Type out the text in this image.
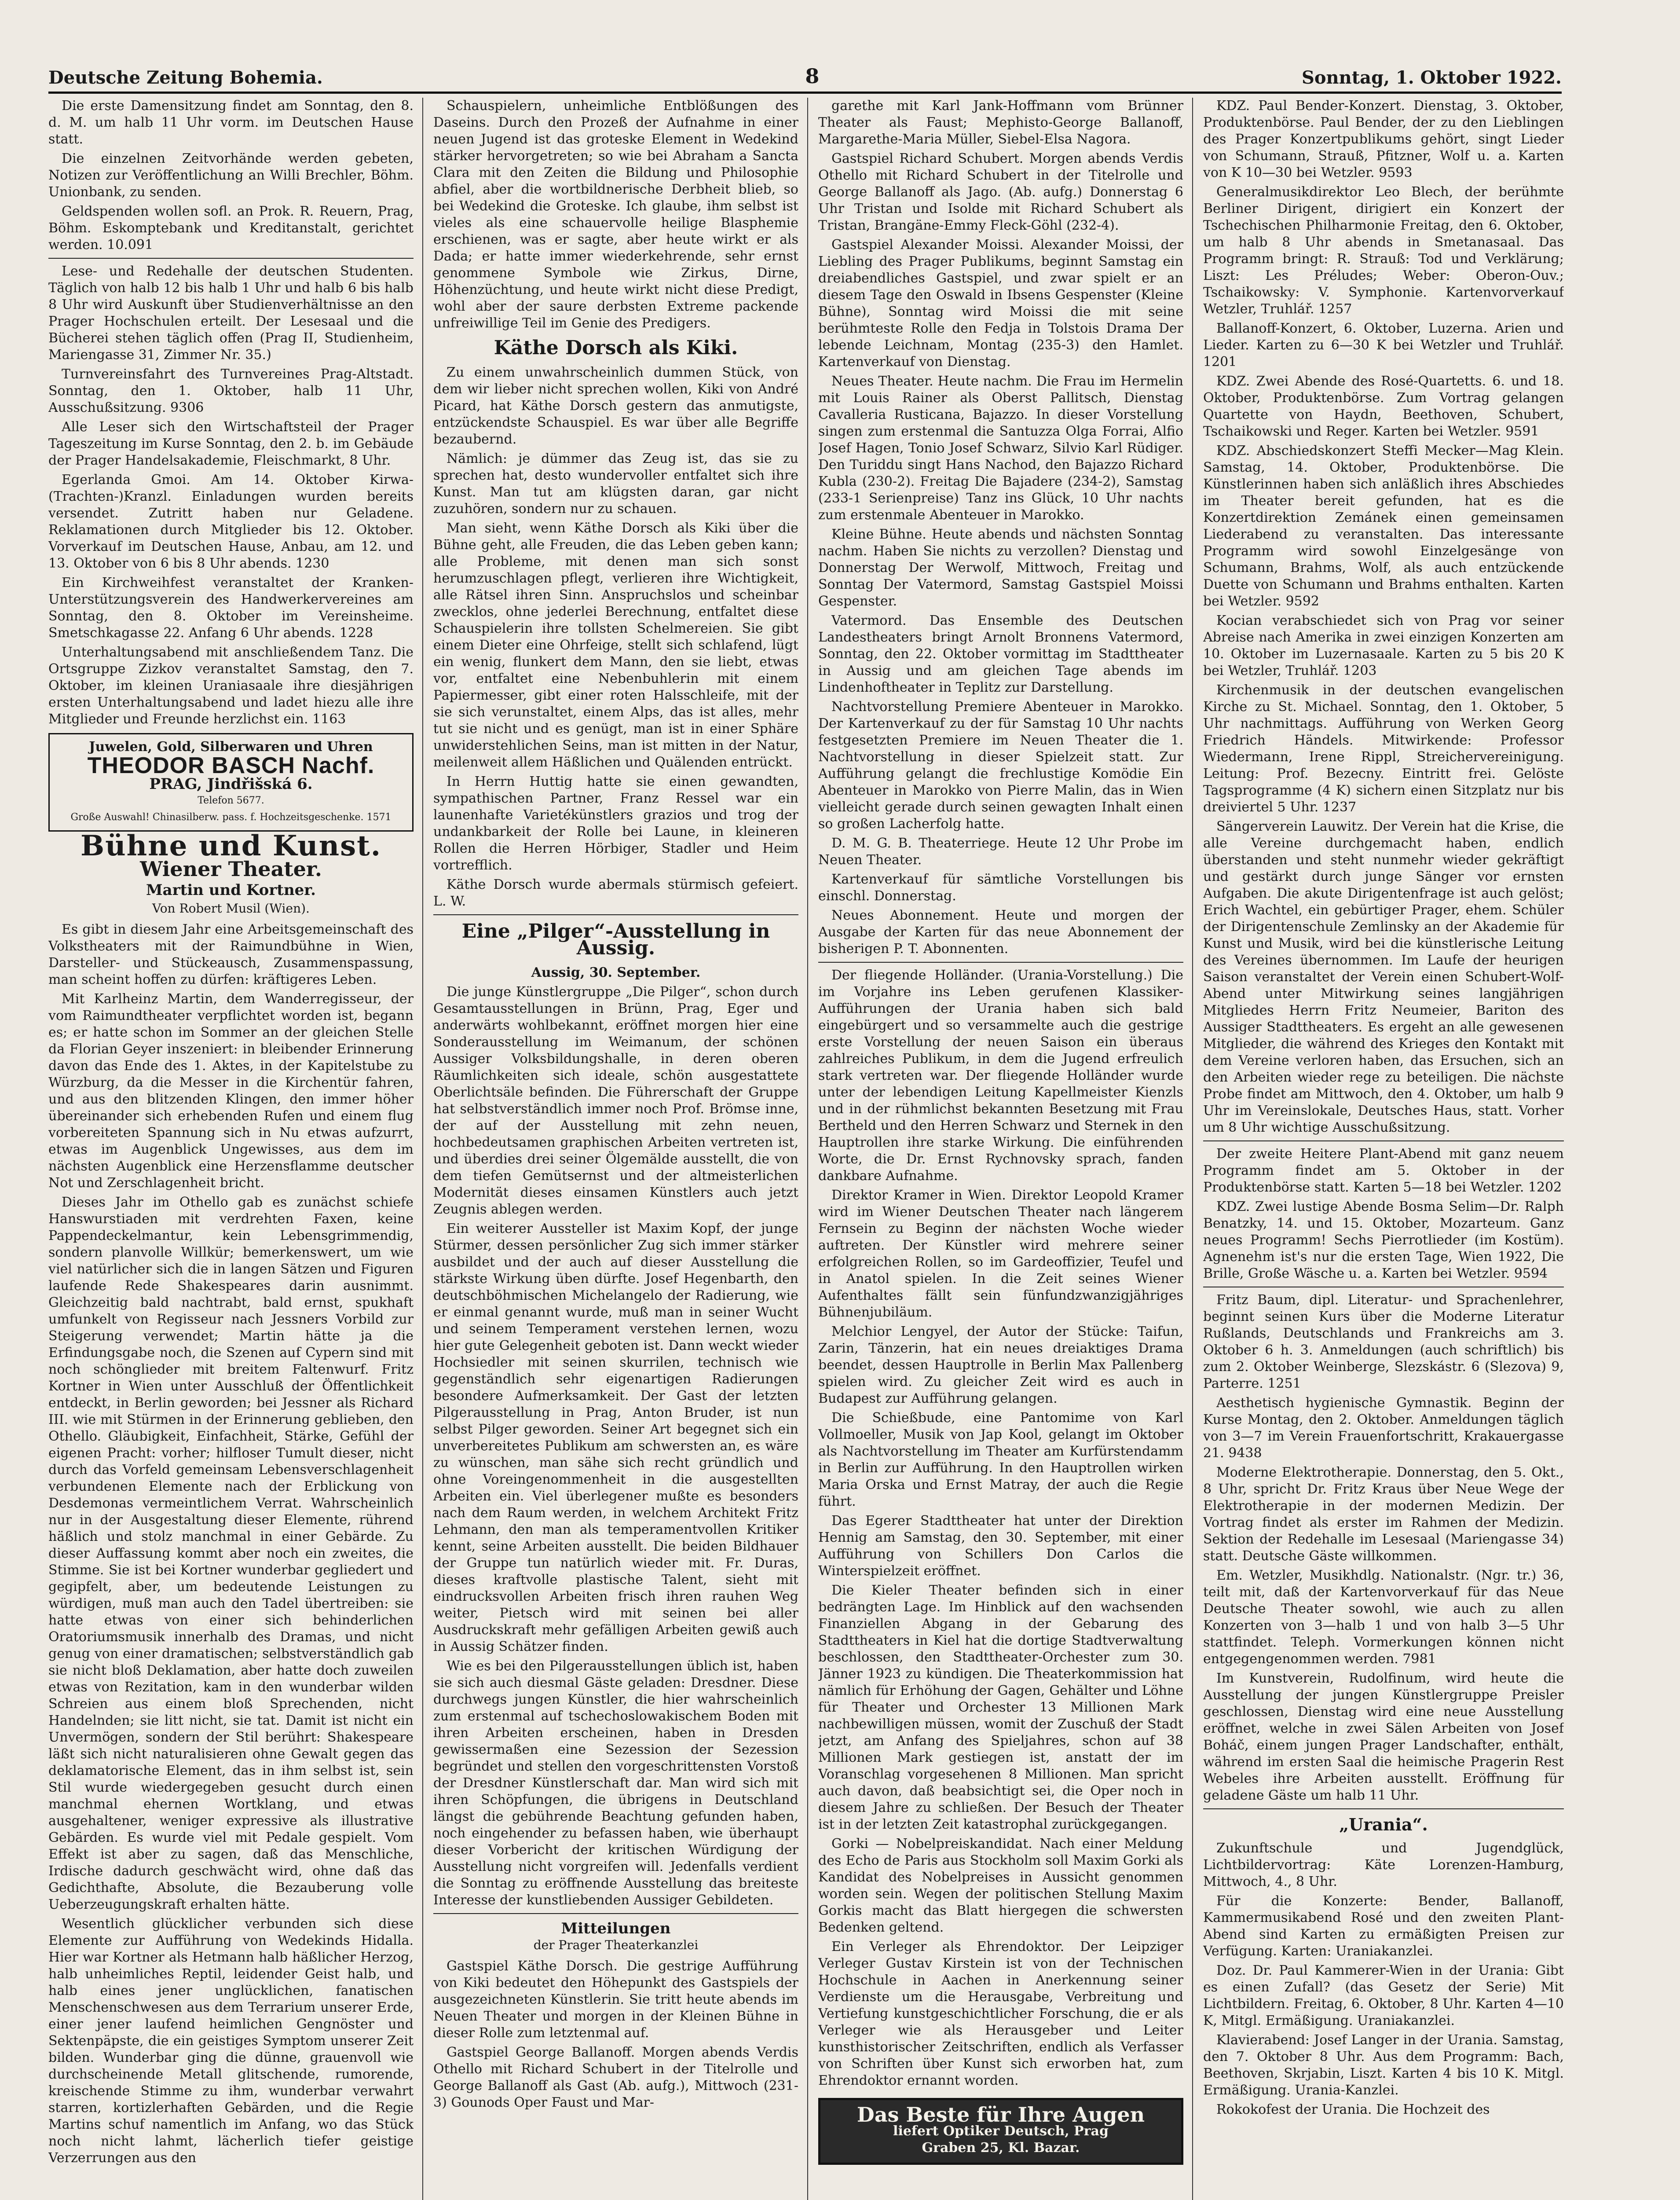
Deutsche Zeitung Bohemia.	8	Sonntag, 1. Oktober 1922.

Die erste Damensitzung findet am Sonntag, den 8. d. M. um halb 11 Uhr vorm. im Deutschen Hause statt.

Die einzelnen Zeitvorhände werden gebeten, Notizen zur Veröffentlichung an Willi Brechler, Böhm. Unionbank, zu senden.

Geldspenden wollen sofl. an Prok. R. Reuern, Prag, Böhm. Eskomptebank und Kreditanstalt, gerichtet werden. 10.091

Lese- und Redehalle der deutschen Studenten. Täglich von halb 12 bis halb 1 Uhr und halb 6 bis halb 8 Uhr wird Auskunft über Studienverhältnisse an den Prager Hochschulen erteilt. Der Lesesaal und die Bücherei stehen täglich offen (Prag II, Studienheim, Mariengasse 31, Zimmer Nr. 35.)

Turnvereinsfahrt des Turnvereines Prag-Altstadt. Sonntag, den 1. Oktober, halb 11 Uhr, Ausschußsitzung. 9306

Alle Leser sich den Wirtschaftsteil der Prager Tageszeitung im Kurse Sonntag, den 2. b. im Gebäude der Prager Handelsakademie, Fleischmarkt, 8 Uhr.

Egerlanda Gmoi. Am 14. Oktober Kirwa-(Trachten-)Kranzl. Einladungen wurden bereits versendet. Zutritt haben nur Geladene. Reklamationen durch Mitglieder bis 12. Oktober. Vorverkauf im Deutschen Hause, Anbau, am 12. und 13. Oktober von 6 bis 8 Uhr abends. 1230

Ein Kirchweihfest veranstaltet der Kranken-Unterstützungsverein des Handwerkervereines am Sonntag, den 8. Oktober im Vereinsheime. Smetschkagasse 22. Anfang 6 Uhr abends. 1228

Unterhaltungsabend mit anschließendem Tanz. Die Ortsgruppe Zizkov veranstaltet Samstag, den 7. Oktober, im kleinen Uraniasaale ihre diesjährigen ersten Unterhaltungsabend und ladet hiezu alle ihre Mitglieder und Freunde herzlichst ein. 1163

Juwelen, Gold, Silberwaren und Uhren
THEODOR BASCH Nachf.
PRAG, Jindřišská 6.
Telefon 5677.
Große Auswahl! Chinasilberw. pass. f. Hochzeitsgeschenke. 1571
Bühne und Kunst.
Wiener Theater.
Martin und Kortner.
Von Robert Musil (Wien).

Es gibt in diesem Jahr eine Arbeitsgemeinschaft des Volkstheaters mit der Raimundbühne in Wien, Darsteller- und Stückeausch, Zusammenspassung, man scheint hoffen zu dürfen: kräftigeres Leben.

Mit Karlheinz Martin, dem Wanderregisseur, der vom Raimundtheater verpflichtet worden ist, begann es; er hatte schon im Sommer an der gleichen Stelle da Florian Geyer inszeniert: in bleibender Erinnerung davon das Ende des 1. Aktes, in der Kapitelstube zu Würzburg, da die Messer in die Kirchentür fahren, und aus den blitzenden Klingen, den immer höher übereinander sich erhebenden Rufen und einem flug vorbereiteten Spannung sich in Nu etwas aufzurrt, etwas im Augenblick Ungewisses, aus dem im nächsten Augenblick eine Herzensflamme deutscher Not und Zerschlagenheit bricht.

Dieses Jahr im Othello gab es zunächst schiefe Hanswurstiaden mit verdrehten Faxen, keine Pappendeckelmantur, kein Lebensgrimmendig, sondern planvolle Willkür; bemerkenswert, um wie viel natürlicher sich die in langen Sätzen und Figuren laufende Rede Shakespeares darin ausnimmt. Gleichzeitig bald nachtrabt, bald ernst, spukhaft umfunkelt von Regisseur nach Jessners Vorbild zur Steigerung verwendet; Martin hätte ja die Erfindungsgabe noch, die Szenen auf Cypern sind mit noch schönglieder mit breitem Faltenwurf. Fritz Kortner in Wien unter Ausschluß der Öffentlichkeit entdeckt, in Berlin geworden; bei Jessner als Richard III. wie mit Stürmen in der Erinnerung geblieben, den Othello. Gläubigkeit, Einfachheit, Stärke, Gefühl der eigenen Pracht: vorher; hilfloser Tumult dieser, nicht durch das Vorfeld gemeinsam Lebensverschlagenheit verbundenen Elemente nach der Erblickung von Desdemonas vermeintlichem Verrat. Wahrscheinlich nur in der Ausgestaltung dieser Elemente, rührend häßlich und stolz manchmal in einer Gebärde. Zu dieser Auffassung kommt aber noch ein zweites, die Stimme. Sie ist bei Kortner wunderbar gegliedert und gegipfelt, aber, um bedeutende Leistungen zu würdigen, muß man auch den Tadel übertreiben: sie hatte etwas von einer sich behinderlichen Oratoriumsmusik innerhalb des Dramas, und nicht genug von einer dramatischen; selbstverständlich gab sie nicht bloß Deklamation, aber hatte doch zuweilen etwas von Rezitation, kam in den wunderbar wilden Schreien aus einem bloß Sprechenden, nicht Handelnden; sie litt nicht, sie tat. Damit ist nicht ein Unvermögen, sondern der Stil berührt: Shakespeare läßt sich nicht naturalisieren ohne Gewalt gegen das deklamatorische Element, das in ihm selbst ist, sein Stil wurde wiedergegeben gesucht durch einen manchmal ehernen Wortklang, und etwas ausgehaltener, weniger expressive als illustrative Gebärden. Es wurde viel mit Pedale gespielt. Vom Effekt ist aber zu sagen, daß das Menschliche, Irdische dadurch geschwächt wird, ohne daß das Gedichthafte, Absolute, die Bezauberung volle Ueberzeugungskraft erhalten hätte.

Wesentlich glücklicher verbunden sich diese Elemente zur Aufführung von Wedekinds Hidalla. Hier war Kortner als Hetmann halb häßlicher Herzog, halb unheimliches Reptil, leidender Geist halb, und halb eines jener unglücklichen, fanatischen Menschenschwesen aus dem Terrarium unserer Erde, einer jener laufend heimlichen Gengnöster und Sektenpäpste, die ein geistiges Symptom unserer Zeit bilden. Wunderbar ging die dünne, grauenvoll wie durchscheinende Metall glitschende, rumorende, kreischende Stimme zu ihm, wunderbar verwahrt starren, kortizlerhaften Gebärden, und die Regie Martins schuf namentlich im Anfang, wo das Stück noch nicht lahmt, lächerlich tiefer geistige Verzerrungen aus den

Schauspielern, unheimliche Entblößungen des Daseins. Durch den Prozeß der Aufnahme in einer neuen Jugend ist das groteske Element in Wedekind stärker hervorgetreten; so wie bei Abraham a Sancta Clara mit den Zeiten die Bildung und Philosophie abfiel, aber die wortbildnerische Derbheit blieb, so bei Wedekind die Groteske. Ich glaube, ihm selbst ist vieles als eine schauervolle heilige Blasphemie erschienen, was er sagte, aber heute wirkt er als Dada; er hatte immer wiederkehrende, sehr ernst genommene Symbole wie Zirkus, Dirne, Höhenzüchtung, und heute wirkt nicht diese Predigt, wohl aber der saure derbsten Extreme packende unfreiwillige Teil im Genie des Predigers.

Käthe Dorsch als Kiki.

Zu einem unwahrscheinlich dummen Stück, von dem wir lieber nicht sprechen wollen, Kiki von André Picard, hat Käthe Dorsch gestern das anmutigste, entzückendste Schauspiel. Es war über alle Begriffe bezaubernd.

Nämlich: je dümmer das Zeug ist, das sie zu sprechen hat, desto wundervoller entfaltet sich ihre Kunst. Man tut am klügsten daran, gar nicht zuzuhören, sondern nur zu schauen.

Man sieht, wenn Käthe Dorsch als Kiki über die Bühne geht, alle Freuden, die das Leben geben kann; alle Probleme, mit denen man sich sonst herumzuschlagen pflegt, verlieren ihre Wichtigkeit, alle Rätsel ihren Sinn. Anspruchslos und scheinbar zwecklos, ohne jederlei Berechnung, entfaltet diese Schauspielerin ihre tollsten Schelmereien. Sie gibt einem Dieter eine Ohrfeige, stellt sich schlafend, lügt ein wenig, flunkert dem Mann, den sie liebt, etwas vor, entfaltet eine Nebenbuhlerin mit einem Papiermesser, gibt einer roten Halsschleife, mit der sie sich verunstaltet, einem Alps, das ist alles, mehr tut sie nicht und es genügt, man ist in einer Sphäre unwiderstehlichen Seins, man ist mitten in der Natur, meilenweit allem Häßlichen und Quälenden entrückt.

In Herrn Huttig hatte sie einen gewandten, sympathischen Partner, Franz Ressel war ein launenhafte Varietékünstlers grazios und trog der undankbarkeit der Rolle bei Laune, in kleineren Rollen die Herren Hörbiger, Stadler und Heim vortrefflich.

Käthe Dorsch wurde abermals stürmisch gefeiert. L. W.

Eine „Pilger“-Ausstellung in Aussig.
Aussig, 30. September.

Die junge Künstlergruppe „Die Pilger“, schon durch Gesamtausstellungen in Brünn, Prag, Eger und anderwärts wohlbekannt, eröffnet morgen hier eine Sonderausstellung im Weimanum, der schönen Aussiger Volksbildungshalle, in deren oberen Räumlichkeiten sich ideale, schön ausgestattete Oberlichtsäle befinden. Die Führerschaft der Gruppe hat selbstverständlich immer noch Prof. Brömse inne, der auf der Ausstellung mit zehn neuen, hochbedeutsamen graphischen Arbeiten vertreten ist, und überdies drei seiner Ölgemälde ausstellt, die von dem tiefen Gemütsernst und der altmeisterlichen Modernität dieses einsamen Künstlers auch jetzt Zeugnis ablegen werden.

Ein weiterer Aussteller ist Maxim Kopf, der junge Stürmer, dessen persönlicher Zug sich immer stärker ausbildet und der auch auf dieser Ausstellung die stärkste Wirkung üben dürfte. Josef Hegenbarth, den deutschböhmischen Michelangelo der Radierung, wie er einmal genannt wurde, muß man in seiner Wucht und seinem Temperament verstehen lernen, wozu hier gute Gelegenheit geboten ist. Dann weckt wieder Hochsiedler mit seinen skurrilen, technisch wie gegenständlich sehr eigenartigen Radierungen besondere Aufmerksamkeit. Der Gast der letzten Pilgerausstellung in Prag, Anton Bruder, ist nun selbst Pilger geworden. Seiner Art begegnet sich ein unverbereitetes Publikum am schwersten an, es wäre zu wünschen, man sähe sich recht gründlich und ohne Voreingenommenheit in die ausgestellten Arbeiten ein. Viel überlegener mußte es besonders nach dem Raum werden, in welchem Architekt Fritz Lehmann, den man als temperamentvollen Kritiker kennt, seine Arbeiten ausstellt. Die beiden Bildhauer der Gruppe tun natürlich wieder mit. Fr. Duras, dieses kraftvolle plastische Talent, sieht mit eindrucksvollen Arbeiten frisch ihren rauhen Weg weiter, Pietsch wird mit seinen bei aller Ausdruckskraft mehr gefälligen Arbeiten gewiß auch in Aussig Schätzer finden.

Wie es bei den Pilgerausstellungen üblich ist, haben sie sich auch diesmal Gäste geladen: Dresdner. Diese durchwegs jungen Künstler, die hier wahrscheinlich zum erstenmal auf tschechoslowakischem Boden mit ihren Arbeiten erscheinen, haben in Dresden gewissermaßen eine Sezession der Sezession begründet und stellen den vorgeschrittensten Vorstoß der Dresdner Künstlerschaft dar. Man wird sich mit ihren Schöpfungen, die übrigens in Deutschland längst die gebührende Beachtung gefunden haben, noch eingehender zu befassen haben, wie überhaupt dieser Vorbericht der kritischen Würdigung der Ausstellung nicht vorgreifen will. Jedenfalls verdient die Sonntag zu eröffnende Ausstellung das breiteste Interesse der kunstliebenden Aussiger Gebildeten.

Mitteilungen
der Prager Theaterkanzlei

Gastspiel Käthe Dorsch. Die gestrige Aufführung von Kiki bedeutet den Höhepunkt des Gastspiels der ausgezeichneten Künstlerin. Sie tritt heute abends im Neuen Theater und morgen in der Kleinen Bühne in dieser Rolle zum letztenmal auf.

Gastspiel George Ballanoff. Morgen abends Verdis Othello mit Richard Schubert in der Titelrolle und George Ballanoff als Gast (Ab. aufg.), Mittwoch (231-3) Gounods Oper Faust und Mar-

garethe mit Karl Jank-Hoffmann vom Brünner Theater als Faust; Mephisto-George Ballanoff, Margarethe-Maria Müller, Siebel-Elsa Nagora.

Gastspiel Richard Schubert. Morgen abends Verdis Othello mit Richard Schubert in der Titelrolle und George Ballanoff als Jago. (Ab. aufg.) Donnerstag 6 Uhr Tristan und Isolde mit Richard Schubert als Tristan, Brangäne-Emmy Fleck-Göhl (232-4).

Gastspiel Alexander Moissi. Alexander Moissi, der Liebling des Prager Publikums, beginnt Samstag ein dreiabendliches Gastspiel, und zwar spielt er an diesem Tage den Oswald in Ibsens Gespenster (Kleine Bühne), Sonntag wird Moissi die mit seine berühmteste Rolle den Fedja in Tolstois Drama Der lebende Leichnam, Montag (235-3) den Hamlet. Kartenverkauf von Dienstag.

Neues Theater. Heute nachm. Die Frau im Hermelin mit Louis Rainer als Oberst Pallitsch, Dienstag Cavalleria Rusticana, Bajazzo. In dieser Vorstellung singen zum erstenmal die Santuzza Olga Forrai, Alfio Josef Hagen, Tonio Josef Schwarz, Silvio Karl Rüdiger. Den Turiddu singt Hans Nachod, den Bajazzo Richard Kubla (230-2). Freitag Die Bajadere (234-2), Samstag (233-1 Serienpreise) Tanz ins Glück, 10 Uhr nachts zum erstenmale Abenteuer in Marokko.

Kleine Bühne. Heute abends und nächsten Sonntag nachm. Haben Sie nichts zu verzollen? Dienstag und Donnerstag Der Werwolf, Mittwoch, Freitag und Sonntag Der Vatermord, Samstag Gastspiel Moissi Gespenster.

Vatermord. Das Ensemble des Deutschen Landestheaters bringt Arnolt Bronnens Vatermord, Sonntag, den 22. Oktober vormittag im Stadttheater in Aussig und am gleichen Tage abends im Lindenhoftheater in Teplitz zur Darstellung.

Nachtvorstellung Premiere Abenteuer in Marokko. Der Kartenverkauf zu der für Samstag 10 Uhr nachts festgesetzten Premiere im Neuen Theater die 1. Nachtvorstellung in dieser Spielzeit statt. Zur Aufführung gelangt die frechlustige Komödie Ein Abenteuer in Marokko von Pierre Malin, das in Wien vielleicht gerade durch seinen gewagten Inhalt einen so großen Lacherfolg hatte.

D. M. G. B. Theaterriege. Heute 12 Uhr Probe im Neuen Theater.

Kartenverkauf für sämtliche Vorstellungen bis einschl. Donnerstag.

Neues Abonnement. Heute und morgen der Ausgabe der Karten für das neue Abonnement der bisherigen P. T. Abonnenten.

Der fliegende Holländer. (Urania-Vorstellung.) Die im Vorjahre ins Leben gerufenen Klassiker-Aufführungen der Urania haben sich bald eingebürgert und so versammelte auch die gestrige erste Vorstellung der neuen Saison ein überaus zahlreiches Publikum, in dem die Jugend erfreulich stark vertreten war. Der fliegende Holländer wurde unter der lebendigen Leitung Kapellmeister Kienzls und in der rühmlichst bekannten Besetzung mit Frau Bertheld und den Herren Schwarz und Sternek in den Hauptrollen ihre starke Wirkung. Die einführenden Worte, die Dr. Ernst Rychnovsky sprach, fanden dankbare Aufnahme.

Direktor Kramer in Wien. Direktor Leopold Kramer wird im Wiener Deutschen Theater nach längerem Fernsein zu Beginn der nächsten Woche wieder auftreten. Der Künstler wird mehrere seiner erfolgreichen Rollen, so im Gardeoffizier, Teufel und in Anatol spielen. In die Zeit seines Wiener Aufenthaltes fällt sein fünfundzwanzigjähriges Bühnenjubiläum.

Melchior Lengyel, der Autor der Stücke: Taifun, Zarin, Tänzerin, hat ein neues dreiaktiges Drama beendet, dessen Hauptrolle in Berlin Max Pallenberg spielen wird. Zu gleicher Zeit wird es auch in Budapest zur Aufführung gelangen.

Die Schießbude, eine Pantomime von Karl Vollmoeller, Musik von Jap Kool, gelangt im Oktober als Nachtvorstellung im Theater am Kurfürstendamm in Berlin zur Aufführung. In den Hauptrollen wirken Maria Orska und Ernst Matray, der auch die Regie führt.

Das Egerer Stadttheater hat unter der Direktion Hennig am Samstag, den 30. September, mit einer Aufführung von Schillers Don Carlos die Winterspielzeit eröffnet.

Die Kieler Theater befinden sich in einer bedrängten Lage. Im Hinblick auf den wachsenden Finanziellen Abgang in der Gebarung des Stadttheaters in Kiel hat die dortige Stadtverwaltung beschlossen, den Stadttheater-Orchester zum 30. Jänner 1923 zu kündigen. Die Theaterkommission hat nämlich für Erhöhung der Gagen, Gehälter und Löhne für Theater und Orchester 13 Millionen Mark nachbewilligen müssen, womit der Zuschuß der Stadt jetzt, am Anfang des Spieljahres, schon auf 38 Millionen Mark gestiegen ist, anstatt der im Voranschlag vorgesehenen 8 Millionen. Man spricht auch davon, daß beabsichtigt sei, die Oper noch in diesem Jahre zu schließen. Der Besuch der Theater ist in der letzten Zeit katastrophal zurückgegangen.

Gorki — Nobelpreiskandidat. Nach einer Meldung des Echo de Paris aus Stockholm soll Maxim Gorki als Kandidat des Nobelpreises in Aussicht genommen worden sein. Wegen der politischen Stellung Maxim Gorkis macht das Blatt hiergegen die schwersten Bedenken geltend.

Ein Verleger als Ehrendoktor. Der Leipziger Verleger Gustav Kirstein ist von der Technischen Hochschule in Aachen in Anerkennung seiner Verdienste um die Herausgabe, Verbreitung und Vertiefung kunstgeschichtlicher Forschung, die er als Verleger wie als Herausgeber und Leiter kunsthistorischer Zeitschriften, endlich als Verfasser von Schriften über Kunst sich erworben hat, zum Ehrendoktor ernannt worden.

Das Beste für Ihre Augen
liefert Optiker Deutsch, Prag
Graben 25, Kl. Bazar.

KDZ. Paul Bender-Konzert. Dienstag, 3. Oktober, Produktenbörse. Paul Bender, der zu den Lieblingen des Prager Konzertpublikums gehört, singt Lieder von Schumann, Strauß, Pfitzner, Wolf u. a. Karten von K 10—30 bei Wetzler. 9593

Generalmusikdirektor Leo Blech, der berühmte Berliner Dirigent, dirigiert ein Konzert der Tschechischen Philharmonie Freitag, den 6. Oktober, um halb 8 Uhr abends in Smetanasaal. Das Programm bringt: R. Strauß: Tod und Verklärung; Liszt: Les Préludes; Weber: Oberon-Ouv.; Tschaikowsky: V. Symphonie. Kartenvorverkauf Wetzler, Truhlář. 1257

Ballanoff-Konzert, 6. Oktober, Luzerna. Arien und Lieder. Karten zu 6—30 K bei Wetzler und Truhlář. 1201

KDZ. Zwei Abende des Rosé-Quartetts. 6. und 18. Oktober, Produktenbörse. Zum Vortrag gelangen Quartette von Haydn, Beethoven, Schubert, Tschaikowski und Reger. Karten bei Wetzler. 9591

KDZ. Abschiedskonzert Steffi Mecker—Mag Klein. Samstag, 14. Oktober, Produktenbörse. Die Künstlerinnen haben sich anläßlich ihres Abschiedes im Theater bereit gefunden, hat es die Konzertdirektion Zemánek einen gemeinsamen Liederabend zu veranstalten. Das interessante Programm wird sowohl Einzelgesänge von Schumann, Brahms, Wolf, als auch entzückende Duette von Schumann und Brahms enthalten. Karten bei Wetzler. 9592

Kocian verabschiedet sich von Prag vor seiner Abreise nach Amerika in zwei einzigen Konzerten am 10. Oktober im Luzernasaale. Karten zu 5 bis 20 K bei Wetzler, Truhlář. 1203

Kirchenmusik in der deutschen evangelischen Kirche zu St. Michael. Sonntag, den 1. Oktober, 5 Uhr nachmittags. Aufführung von Werken Georg Friedrich Händels. Mitwirkende: Professor Wiedermann, Irene Rippl, Streichervereinigung. Leitung: Prof. Bezecny. Eintritt frei. Gelöste Tagsprogramme (4 K) sichern einen Sitzplatz nur bis dreiviertel 5 Uhr. 1237

Sängerverein Lauwitz. Der Verein hat die Krise, die alle Vereine durchgemacht haben, endlich überstanden und steht nunmehr wieder gekräftigt und gestärkt durch junge Sänger vor ernsten Aufgaben. Die akute Dirigentenfrage ist auch gelöst; Erich Wachtel, ein gebürtiger Prager, ehem. Schüler der Dirigentenschule Zemlinsky an der Akademie für Kunst und Musik, wird bei die künstlerische Leitung des Vereines übernommen. Im Laufe der heurigen Saison veranstaltet der Verein einen Schubert-Wolf-Abend unter Mitwirkung seines langjährigen Mitgliedes Herrn Fritz Neumeier, Bariton des Aussiger Stadttheaters. Es ergeht an alle gewesenen Mitglieder, die während des Krieges den Kontakt mit dem Vereine verloren haben, das Ersuchen, sich an den Arbeiten wieder rege zu beteiligen. Die nächste Probe findet am Mittwoch, den 4. Oktober, um halb 9 Uhr im Vereinslokale, Deutsches Haus, statt. Vorher um 8 Uhr wichtige Ausschußsitzung.

Der zweite Heitere Plant-Abend mit ganz neuem Programm findet am 5. Oktober in der Produktenbörse statt. Karten 5—18 bei Wetzler. 1202

KDZ. Zwei lustige Abende Bosma Selim—Dr. Ralph Benatzky, 14. und 15. Oktober, Mozarteum. Ganz neues Programm! Sechs Pierrotlieder (im Kostüm). Agnenehm ist's nur die ersten Tage, Wien 1922, Die Brille, Große Wäsche u. a. Karten bei Wetzler. 9594

Fritz Baum, dipl. Literatur- und Sprachenlehrer, beginnt seinen Kurs über die Moderne Literatur Rußlands, Deutschlands und Frankreichs am 3. Oktober 6 h. 3. Anmeldungen (auch schriftlich) bis zum 2. Oktober Weinberge, Slezskástr. 6 (Slezova) 9, Parterre. 1251

Aesthetisch hygienische Gymnastik. Beginn der Kurse Montag, den 2. Oktober. Anmeldungen täglich von 3—7 im Verein Frauenfortschritt, Krakauergasse 21. 9438

Moderne Elektrotherapie. Donnerstag, den 5. Okt., 8 Uhr, spricht Dr. Fritz Kraus über Neue Wege der Elektrotherapie in der modernen Medizin. Der Vortrag findet als erster im Rahmen der Medizin. Sektion der Redehalle im Lesesaal (Mariengasse 34) statt. Deutsche Gäste willkommen.

Em. Wetzler, Musikhdlg. Nationalstr. (Ngr. tr.) 36, teilt mit, daß der Kartenvorverkauf für das Neue Deutsche Theater sowohl, wie auch zu allen Konzerten von 3—halb 1 und von halb 3—5 Uhr stattfindet. Teleph. Vormerkungen können nicht entgegengenommen werden. 7981

Im Kunstverein, Rudolfinum, wird heute die Ausstellung der jungen Künstlergruppe Preisler geschlossen, Dienstag wird eine neue Ausstellung eröffnet, welche in zwei Sälen Arbeiten von Josef Boháč, einem jungen Prager Landschafter, enthält, während im ersten Saal die heimische Pragerin Rest Webeles ihre Arbeiten ausstellt. Eröffnung für geladene Gäste um halb 11 Uhr.

„Urania“.

Zukunftschule und Jugendglück, Lichtbildervortrag: Käte Lorenzen-Hamburg, Mittwoch, 4., 8 Uhr.

Für die Konzerte: Bender, Ballanoff, Kammermusikabend Rosé und den zweiten Plant-Abend sind Karten zu ermäßigten Preisen zur Verfügung. Karten: Uraniakanzlei.

Doz. Dr. Paul Kammerer-Wien in der Urania: Gibt es einen Zufall? (das Gesetz der Serie) Mit Lichtbildern. Freitag, 6. Oktober, 8 Uhr. Karten 4—10 K, Mitgl. Ermäßigung. Uraniakanzlei.

Klavierabend: Josef Langer in der Urania. Samstag, den 7. Oktober 8 Uhr. Aus dem Programm: Bach, Beethoven, Skrjabin, Liszt. Karten 4 bis 10 K. Mitgl. Ermäßigung. Urania-Kanzlei.

Rokokofest der Urania. Die Hochzeit des
